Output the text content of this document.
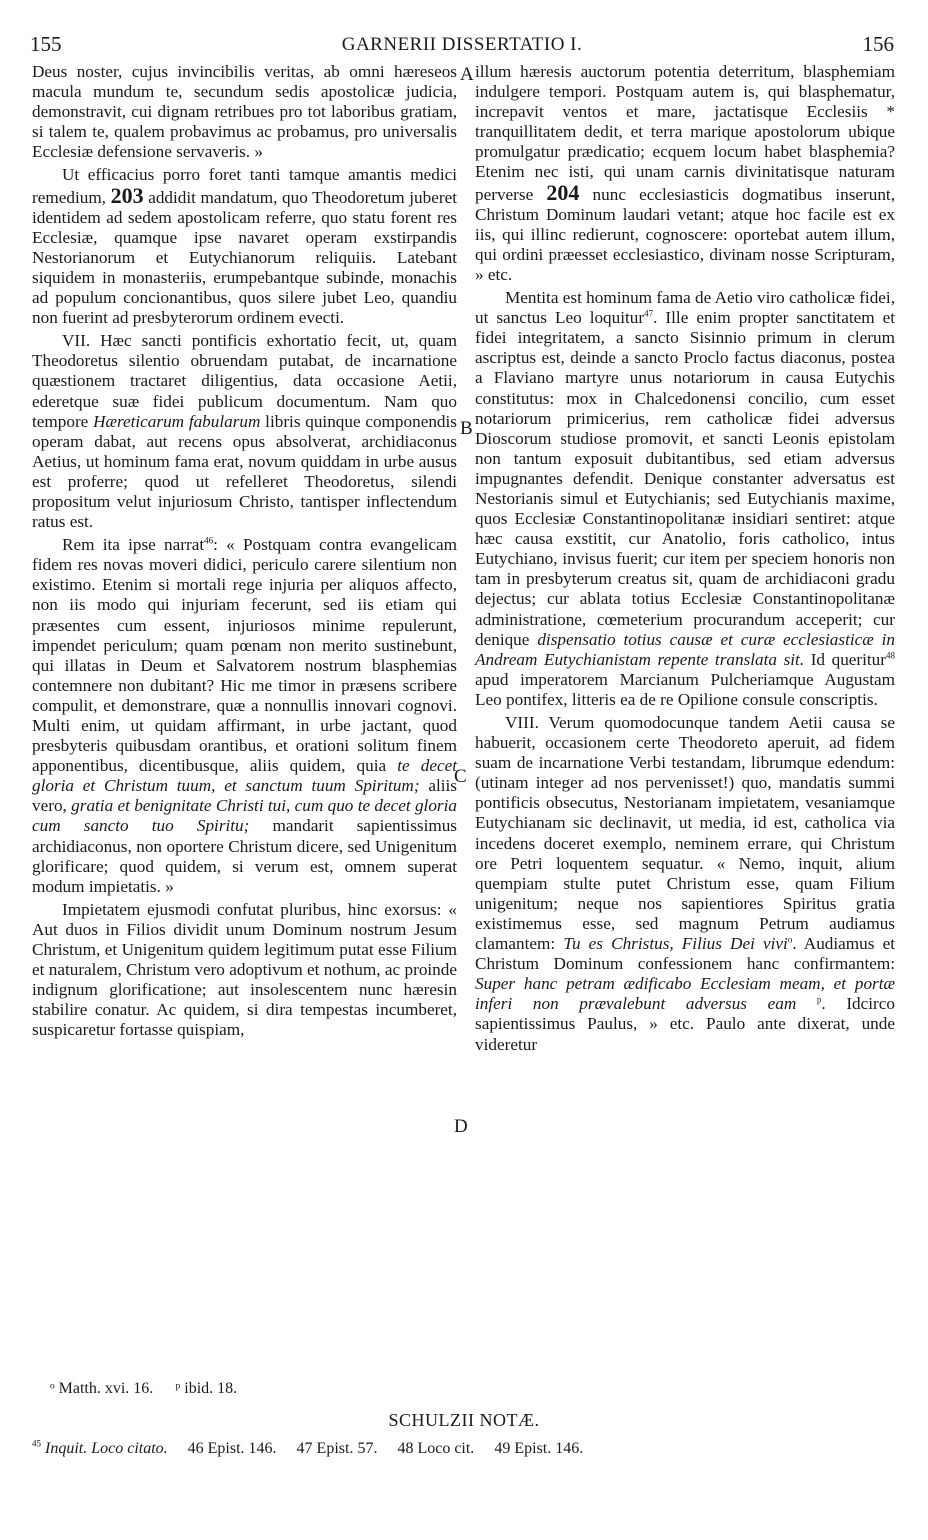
155	GARNERII DISSERTATIO I.	156

Deus noster, cujus invincibilis veritas, ab omni hæreseos macula mundum te, secundum sedis apostolicæ judicia, demonstravit, cui dignam retribues pro tot laboribus gratiam, si talem te, qualem probavimus ac probamus, pro universalis Ecclesiæ defensione servaveris. »

Ut efficacius porro foret tanti tamque amantis medici remedium, 203 addidit mandatum, quo Theodoretum juberet identidem ad sedem apostolicam referre, quo statu forent res Ecclesiæ, quamque ipse navaret operam exstirpandis Nestorianorum et Eutychianorum reliquiis. Latebant siquidem in monasteriis, erumpebantque subinde, monachis ad populum concionantibus, quos silere jubet Leo, quandiu non fuerint ad presbyterorum ordinem evecti.

VII. Hæc sancti pontificis exhortatio fecit, ut, quam Theodoretus silentio obruendam putabat, de incarnatione quæstionem tractaret diligentius, data occasione Aetii, ederetque suæ fidei publicum documentum. Nam quo tempore Hæreticarum fabularum libris quinque componendis operam dabat, aut recens opus absolverat, archidiaconus Aetius, ut hominum fama erat, novum quiddam in urbe ausus est proferre; quod ut refelleret Theodoretus, silendi propositum velut injuriosum Christo, tantisper inflectendum ratus est.

Rem ita ipse narrat$^{46}$: « Postquam contra evangelicam fidem res novas moveri didici, periculo carere silentium non existimo. Etenim si mortali rege injuria per aliquos affecto, non iis modo qui injuriam fecerunt, sed iis etiam qui præsentes cum essent, injuriosos minime repulerunt, impendet periculum; quam pœnam non merito sustinebunt, qui illatas in Deum et Salvatorem nostrum blasphemias contemnere non dubitant? Hic me timor in præsens scribere compulit, et demonstrare, quæ a nonnullis innovari cognovi. Multi enim, ut quidam affirmant, in urbe jactant, quod presbyteris quibusdam orantibus, et orationi solitum finem apponentibus, dicentibusque, aliis quidem, quia te decet gloria et Christum tuum, et sanctum tuum Spiritum; aliis vero, gratia et benignitate Christi tui, cum quo te decet gloria cum sancto tuo Spiritu; mandarit sapientissimus archidiaconus, non oportere Christum dicere, sed Unigenitum glorificare; quod quidem, si verum est, omnem superat modum impietatis. »

Impietatem ejusmodi confutat pluribus, hinc exorsus: « Aut duos in Filios dividit unum Dominum nostrum Jesum Christum, et Unigenitum quidem legitimum putat esse Filium et naturalem, Christum vero adoptivum et nothum, ac proinde indignum glorificatione; aut insolescentem nunc hæresin stabilire conatur. Ac quidem, si dira tempestas incumberet, suspicaretur fortasse quispiam,

illum hæresis auctorum potentia deterritum, blasphemiam indulgere tempori. Postquam autem is, qui blasphematur, increpavit ventos et mare, jactatisque Ecclesiis * tranquillitatem dedit, et terra marique apostolorum ubique promulgatur prædicatio; ecquem locum habet blasphemia? Etenim nec isti, qui unam carnis divinitatisque naturam perverse 204 nunc ecclesiasticis dogmatibus inserunt, Christum Dominum laudari vetant; atque hoc facile est ex iis, qui illinc redierunt, cognoscere: oportebat autem illum, qui ordini præesset ecclesiastico, divinam nosse Scripturam, » etc.

Mentita est hominum fama de Aetio viro catholicæ fidei, ut sanctus Leo loquitur$^{47}$. Ille enim propter sanctitatem et fidei integritatem, a sancto Sisinnio primum in clerum ascriptus est, deinde a sancto Proclo factus diaconus, postea a Flaviano martyre unus notariorum in causa Eutychis constitutus: mox in Chalcedonensi concilio, cum esset notariorum primicerius, rem catholicæ fidei adversus Dioscorum studiose promovit, et sancti Leonis epistolam non tantum exposuit dubitantibus, sed etiam adversus impugnantes defendit. Denique constanter adversatus est Nestorianis simul et Eutychianis; sed Eutychianis maxime, quos Ecclesiæ Constantinopolitanæ insidiari sentiret: atque hæc causa exstitit, cur Anatolio, foris catholico, intus Eutychiano, invisus fuerit; cur item per speciem honoris non tam in presbyterum creatus sit, quam de archidiaconi gradu dejectus; cur ablata totius Ecclesiæ Constantinopolitanæ administratione, cœmeterium procurandum acceperit; cur denique dispensatio totius causæ et curæ ecclesiasticæ in Andream Eutychianistam repente translata sit. Id queritur$^{48}$ apud imperatorem Marcianum Pulcheriamque Augustam Leo pontifex, litteris ea de re Opilione consule conscriptis.

VIII. Verum quomodocunque tandem Aetii causa se habuerit, occasionem certe Theodoreto aperuit, ad fidem suam de incarnatione Verbi testandam, librumque edendum: (utinam integer ad nos pervenisset!) quo, mandatis summi pontificis obsecutus, Nestorianam impietatem, vesaniamque Eutychianam sic declinavit, ut media, id est, catholica via incedens doceret exemplo, neminem errare, qui Christum ore Petri loquentem sequatur. « Nemo, inquit, alium quempiam stulte putet Christum esse, quam Filium unigenitum; neque nos sapientiores Spiritus gratia existimemus esse, sed magnum Petrum audiamus clamantem: Tu es Christus, Filius Dei vivi$^o$. Audiamus et Christum Dominum confessionem hanc confirmantem: Super hanc petram ædificabo Ecclesiam meam, et portæ inferi non prævalebunt adversus eam $^p$. Idcirco sapientissimus Paulus, » etc. Paulo ante dixerat, unde videretur

A
B
C
D
ᵒ Matth. xvi. 16. ᵖ ibid. 18.
SCHULZII NOTÆ.
$^{45}$ Inquit. Loco citato. 46 Epist. 146. 47 Epist. 57. 48 Loco cit. 49 Epist. 146.
